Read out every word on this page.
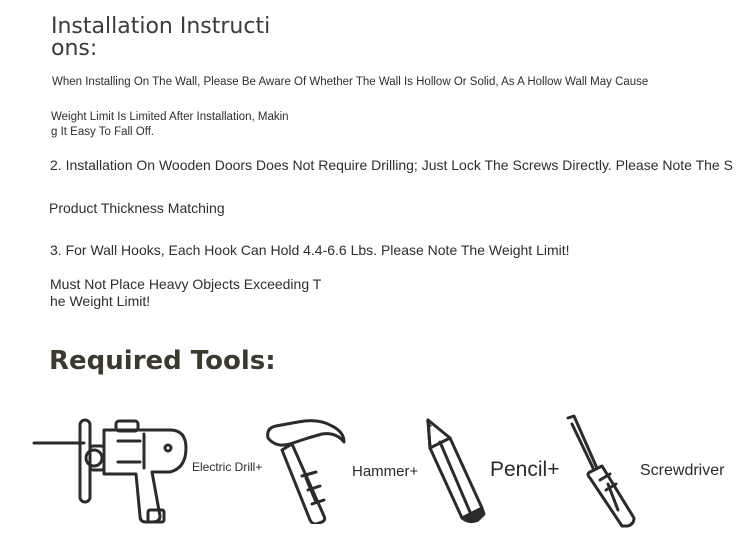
Installation Instructi
ons:
When Installing On The Wall, Please Be Aware Of Whether The Wall Is Hollow Or Solid, As A Hollow Wall May Cause
Weight Limit Is Limited After Installation, Makin
g It Easy To Fall Off.
2. Installation On Wooden Doors Does Not Require Drilling; Just Lock The Screws Directly. Please Note The S
Product Thickness Matching
3. For Wall Hooks, Each Hook Can Hold 4.4-6.6 Lbs. Please Note The Weight Limit!
Must Not Place Heavy Objects Exceeding T
he Weight Limit!
Required Tools:
Electric Drill+	Hammer+	Pencil+	Screwdriver
